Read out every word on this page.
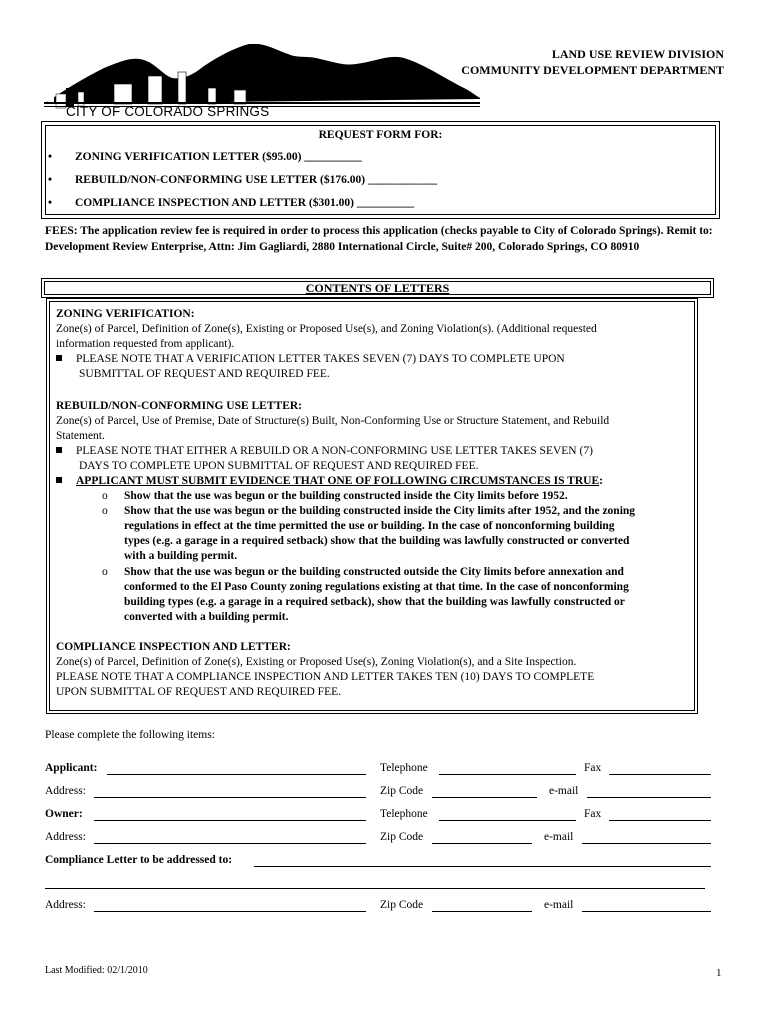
CITY OF COLORADO SPRINGS
LAND USE REVIEW DIVISION
COMMUNITY DEVELOPMENT DEPARTMENT
REQUEST FORM FOR:
• ZONING VERIFICATION LETTER ($95.00) __________
• REBUILD/NON-CONFORMING USE LETTER ($176.00) ____________
• COMPLIANCE INSPECTION AND LETTER ($301.00) __________
FEES: The application review fee is required in order to process this application (checks payable to City of Colorado Springs). Remit to: Development Review Enterprise, Attn: Jim Gagliardi, 2880 International Circle, Suite# 200, Colorado Springs, CO 80910
CONTENTS OF LETTERS
ZONING VERIFICATION:
Zone(s) of Parcel, Definition of Zone(s), Existing or Proposed Use(s), and Zoning Violation(s). (Additional requested
information requested from applicant).
PLEASE NOTE THAT A VERIFICATION LETTER TAKES SEVEN (7) DAYS TO COMPLETE UPON
SUBMITTAL OF REQUEST AND REQUIRED FEE.
REBUILD/NON-CONFORMING USE LETTER:
Zone(s) of Parcel, Use of Premise, Date of Structure(s) Built, Non-Conforming Use or Structure Statement, and Rebuild
Statement.
PLEASE NOTE THAT EITHER A REBUILD OR A NON-CONFORMING USE LETTER TAKES SEVEN (7)
DAYS TO COMPLETE UPON SUBMITTAL OF REQUEST AND REQUIRED FEE.
APPLICANT MUST SUBMIT EVIDENCE THAT ONE OF FOLLOWING CIRCUMSTANCES IS TRUE:
o Show that the use was begun or the building constructed inside the City limits before 1952.
o Show that the use was begun or the building constructed inside the City limits after 1952, and the zoning
regulations in effect at the time permitted the use or building. In the case of nonconforming building
types (e.g. a garage in a required setback) show that the building was lawfully constructed or converted
with a building permit.
o Show that the use was begun or the building constructed outside the City limits before annexation and
conformed to the El Paso County zoning regulations existing at that time. In the case of nonconforming
building types (e.g. a garage in a required setback), show that the building was lawfully constructed or
converted with a building permit.
COMPLIANCE INSPECTION AND LETTER:
Zone(s) of Parcel, Definition of Zone(s), Existing or Proposed Use(s), Zoning Violation(s), and a Site Inspection.
PLEASE NOTE THAT A COMPLIANCE INSPECTION AND LETTER TAKES TEN (10) DAYS TO COMPLETE
UPON SUBMITTAL OF REQUEST AND REQUIRED FEE.
Please complete the following items:
Applicant:	Telephone	Fax
Address:	Zip Code	e-mail
Owner:	Telephone	Fax
Address:	Zip Code	e-mail
Compliance Letter to be addressed to:
Address:	Zip Code	e-mail
Last Modified: 02/1/2010	1
